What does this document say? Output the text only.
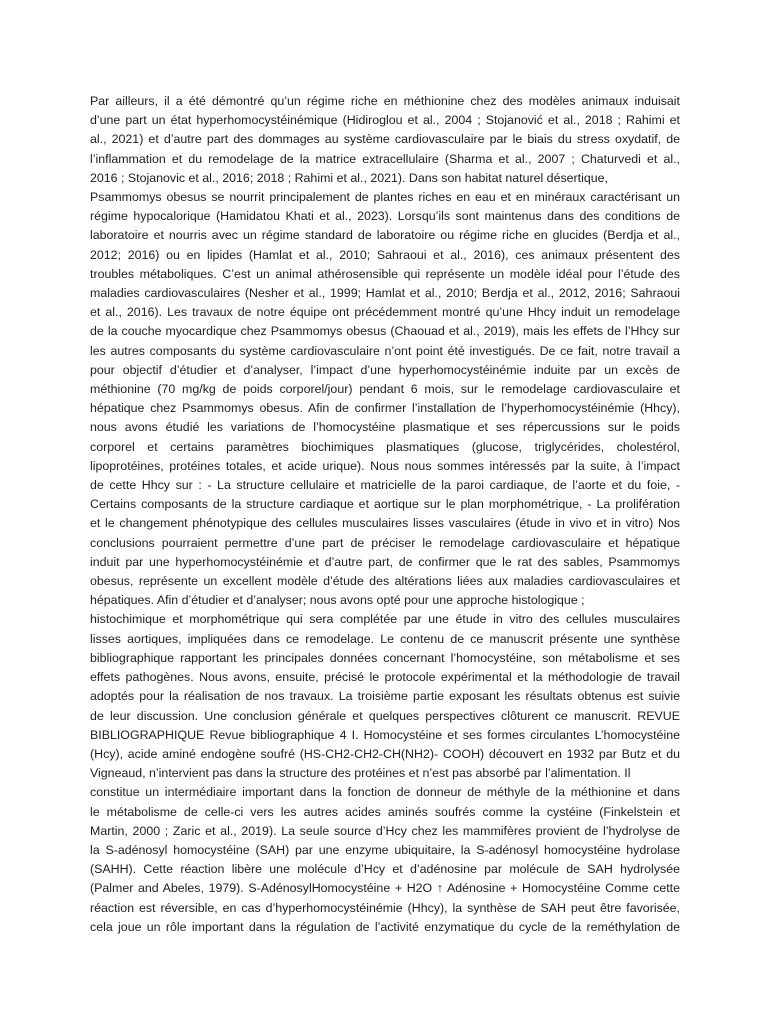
Par ailleurs, il a été démontré qu’un régime riche en méthionine chez des modèles animaux induisait
d’une part un état hyperhomocystéinémique (Hidiroglou et al., 2004 ; Stojanović et al., 2018 ; Rahimi et
al., 2021) et d’autre part des dommages au système cardiovasculaire par le biais du stress oxydatif, de
l’inflammation et du remodelage de la matrice extracellulaire (Sharma et al., 2007 ; Chaturvedi et al.,
2016 ; Stojanovic et al., 2016; 2018 ; Rahimi et al., 2021). Dans son habitat naturel désertique,
Psammomys obesus se nourrit principalement de plantes riches en eau et en minéraux caractérisant un
régime hypocalorique (Hamidatou Khati et al., 2023). Lorsqu’ils sont maintenus dans des conditions de
laboratoire et nourris avec un régime standard de laboratoire ou régime riche en glucides (Berdja et al.,
2012; 2016) ou en lipides (Hamlat et al., 2010; Sahraoui et al., 2016), ces animaux présentent des
troubles métaboliques. C’est un animal athérosensible qui représente un modèle idéal pour l’étude des
maladies cardiovasculaires (Nesher et al., 1999; Hamlat et al., 2010; Berdja et al., 2012, 2016; Sahraoui
et al., 2016). Les travaux de notre équipe ont précédemment montré qu’une Hhcy induit un remodelage
de la couche myocardique chez Psammomys obesus (Chaouad et al., 2019), mais les effets de l’Hhcy sur
les autres composants du système cardiovasculaire n’ont point été investigués. De ce fait, notre travail a
pour objectif d’étudier et d’analyser, l’impact d’une hyperhomocystéinémie induite par un excès de
méthionine (70 mg/kg de poids corporel/jour) pendant 6 mois, sur le remodelage cardiovasculaire et
hépatique chez Psammomys obesus. Afin de confirmer l’installation de l’hyperhomocystéinémie (Hhcy),
nous avons étudié les variations de l’homocystéine plasmatique et ses répercussions sur le poids
corporel et certains paramètres biochimiques plasmatiques (glucose, triglycérides, cholestérol,
lipoprotéines, protéines totales, et acide urique). Nous nous sommes intéressés par la suite, à l’impact
de cette Hhcy sur : - La structure cellulaire et matricielle de la paroi cardiaque, de l’aorte et du foie, -
Certains composants de la structure cardiaque et aortique sur le plan morphométrique, - La prolifération
et le changement phénotypique des cellules musculaires lisses vasculaires (étude in vivo et in vitro) Nos
conclusions pourraient permettre d’une part de préciser le remodelage cardiovasculaire et hépatique
induit par une hyperhomocystéinémie et d’autre part, de confirmer que le rat des sables, Psammomys
obesus, représente un excellent modèle d’étude des altérations liées aux maladies cardiovasculaires et
hépatiques. Afin d’étudier et d’analyser; nous avons opté pour une approche histologique ;
histochimique et morphométrique qui sera complétée par une étude in vitro des cellules musculaires
lisses aortiques, impliquées dans ce remodelage. Le contenu de ce manuscrit présente une synthèse
bibliographique rapportant les principales données concernant l’homocystéine, son métabolisme et ses
effets pathogènes. Nous avons, ensuite, précisé le protocole expérimental et la méthodologie de travail
adoptés pour la réalisation de nos travaux. La troisième partie exposant les résultats obtenus est suivie
de leur discussion. Une conclusion générale et quelques perspectives clôturent ce manuscrit. REVUE
BIBLIOGRAPHIQUE Revue bibliographique 4 I. Homocystéine et ses formes circulantes L’homocystéine
(Hcy), acide aminé endogène soufré (HS-CH2-CH2-CH(NH2)- COOH) découvert en 1932 par Butz et du
Vigneaud, n’intervient pas dans la structure des protéines et n’est pas absorbé par l’alimentation. Il
constitue un intermédiaire important dans la fonction de donneur de méthyle de la méthionine et dans
le métabolisme de celle-ci vers les autres acides aminés soufrés comme la cystéine (Finkelstein et
Martin, 2000 ; Zaric et al., 2019). La seule source d’Hcy chez les mammifères provient de l’hydrolyse de
la S-adénosyl homocystéine (SAH) par une enzyme ubiquitaire, la S-adénosyl homocystéine hydrolase
(SAHH). Cette réaction libère une molécule d’Hcy et d’adénosine par molécule de SAH hydrolysée
(Palmer and Abeles, 1979). S-AdénosylHomocystéine + H2O ↑ Adénosine + Homocystéine Comme cette
réaction est réversible, en cas d’hyperhomocystéinémie (Hhcy), la synthèse de SAH peut être favorisée,
cela joue un rôle important dans la régulation de l’activité enzymatique du cycle de la reméthylation de
